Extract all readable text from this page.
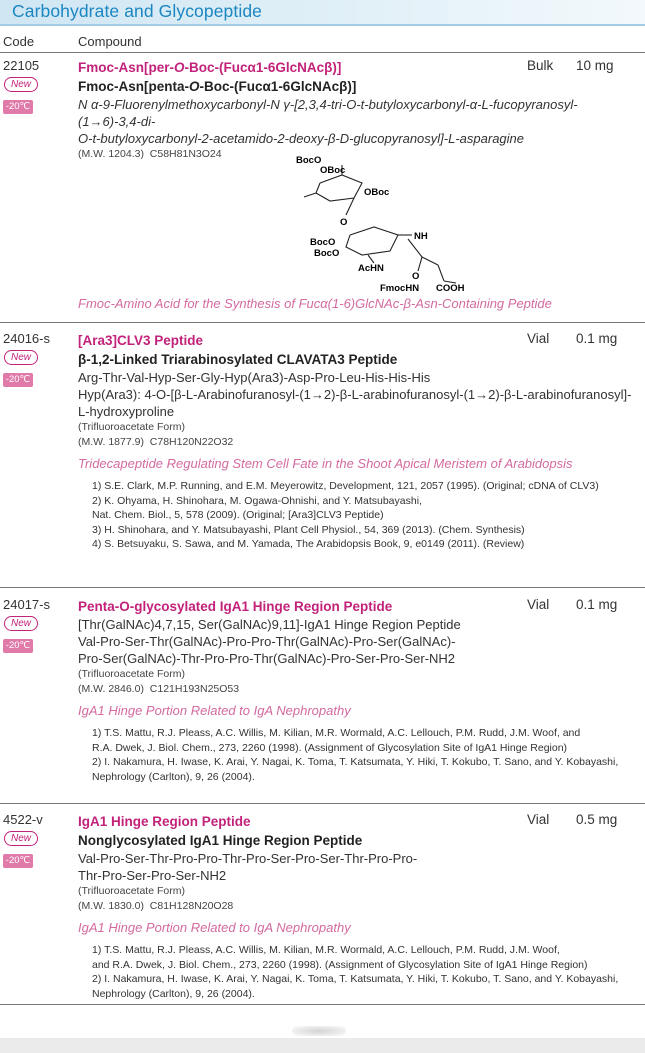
Carbohydrate and Glycopeptide
Code	Compound
22105
New
-20℃
Bulk 10 mg

Fmoc-Asn[per-O-Boc-(Fucα1-6GlcNAcβ)]

Fmoc-Asn[penta-O-Boc-(Fucα1-6GlcNAcβ)]

N α-9-Fluorenylmethoxycarbonyl-N γ-[2,3,4-tri-O-t-butyloxycarbonyl-α-L-fucopyranosyl-(1→6)-3,4-di-

O-t-butyloxycarbonyl-2-acetamido-2-deoxy-β-D-glucopyranosyl]-L-asparagine

(M.W. 1204.3) C58H81N3O24

BocO
OBoc
OBoc
O
BocO
BocO
NH
AcHN
O
FmocHN COOH

Fmoc-Amino Acid for the Synthesis of Fucα(1-6)GlcNAc-β-Asn-Containing Peptide

24016-s
New
-20℃
Vial 0.1 mg

[Ara3]CLV3 Peptide

β-1,2-Linked Triarabinosylated CLAVATA3 Peptide

Arg-Thr-Val-Hyp-Ser-Gly-Hyp(Ara3)-Asp-Pro-Leu-His-His-His

Hyp(Ara3): 4-O-[β-L-Arabinofuranosyl-(1→2)-β-L-arabinofuranosyl-(1→2)-β-L-arabinofuranosyl]-

L-hydroxyproline

(Trifluoroacetate Form)

(M.W. 1877.9) C78H120N22O32

Tridecapeptide Regulating Stem Cell Fate in the Shoot Apical Meristem of Arabidopsis

1) S.E. Clark, M.P. Running, and E.M. Meyerowitz, Development, 121, 2057 (1995). (Original; cDNA of CLV3)
2) K. Ohyama, H. Shinohara, M. Ogawa-Ohnishi, and Y. Matsubayashi,
Nat. Chem. Biol., 5, 578 (2009). (Original; [Ara3]CLV3 Peptide)
3) H. Shinohara, and Y. Matsubayashi, Plant Cell Physiol., 54, 369 (2013). (Chem. Synthesis)
4) S. Betsuyaku, S. Sawa, and M. Yamada, The Arabidopsis Book, 9, e0149 (2011). (Review)
24017-s
New
-20℃
Vial 0.1 mg

Penta-O-glycosylated IgA1 Hinge Region Peptide

[Thr(GalNAc)4,7,15, Ser(GalNAc)9,11]-IgA1 Hinge Region Peptide

Val-Pro-Ser-Thr(GalNAc)-Pro-Pro-Thr(GalNAc)-Pro-Ser(GalNAc)-

Pro-Ser(GalNAc)-Thr-Pro-Pro-Thr(GalNAc)-Pro-Ser-Pro-Ser-NH2

(Trifluoroacetate Form)

(M.W. 2846.0) C121H193N25O53

IgA1 Hinge Portion Related to IgA Nephropathy

1) T.S. Mattu, R.J. Pleass, A.C. Willis, M. Kilian, M.R. Wormald, A.C. Lellouch, P.M. Rudd, J.M. Woof, and
R.A. Dwek, J. Biol. Chem., 273, 2260 (1998). (Assignment of Glycosylation Site of IgA1 Hinge Region)
2) I. Nakamura, H. Iwase, K. Arai, Y. Nagai, K. Toma, T. Katsumata, Y. Hiki, T. Kokubo, T. Sano, and Y. Kobayashi,
Nephrology (Carlton), 9, 26 (2004).
4522-v
New
-20℃
Vial 0.5 mg

IgA1 Hinge Region Peptide

Nonglycosylated IgA1 Hinge Region Peptide

Val-Pro-Ser-Thr-Pro-Pro-Thr-Pro-Ser-Pro-Ser-Thr-Pro-Pro-

Thr-Pro-Ser-Pro-Ser-NH2

(Trifluoroacetate Form)

(M.W. 1830.0) C81H128N20O28

IgA1 Hinge Portion Related to IgA Nephropathy

1) T.S. Mattu, R.J. Pleass, A.C. Willis, M. Kilian, M.R. Wormald, A.C. Lellouch, P.M. Rudd, J.M. Woof,
and R.A. Dwek, J. Biol. Chem., 273, 2260 (1998). (Assignment of Glycosylation Site of IgA1 Hinge Region)
2) I. Nakamura, H. Iwase, K. Arai, Y. Nagai, K. Toma, T. Katsumata, Y. Hiki, T. Kokubo, T. Sano, and Y. Kobayashi,
Nephrology (Carlton), 9, 26 (2004).
